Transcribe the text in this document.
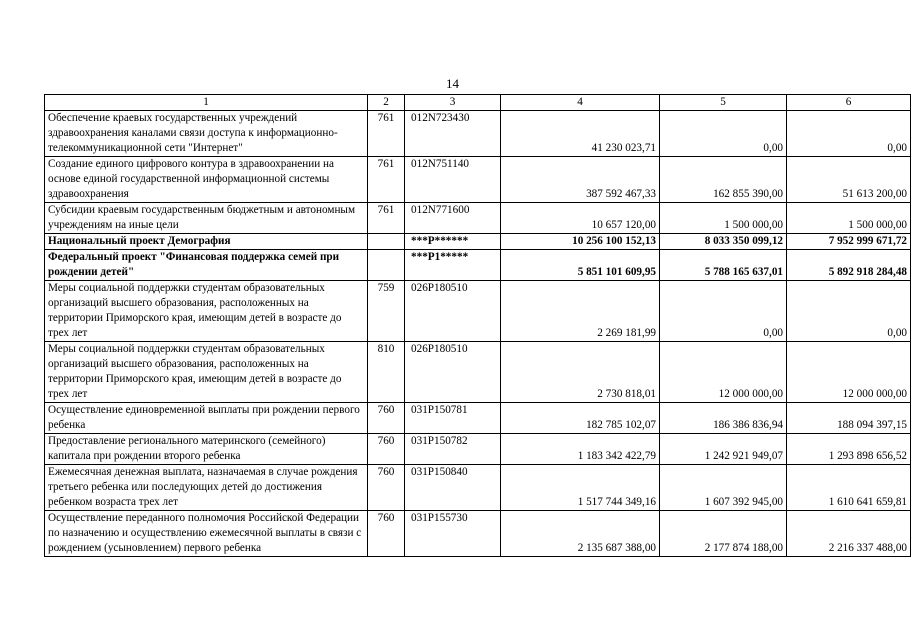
14
1	2	3	4	5	6
Обеспечение краевых государственных учреждений здравоохранения каналами связи доступа к информационно-телекоммуникационной сети "Интернет"	761	012N723430	41 230 023,71	0,00	0,00
Создание единого цифрового контура в здравоохранении на основе единой государственной информационной системы здравоохранения	761	012N751140	387 592 467,33	162 855 390,00	51 613 200,00
Субсидии краевым государственным бюджетным и автономным учреждениям на иные цели	761	012N771600	10 657 120,00	1 500 000,00	1 500 000,00
Национальный проект Демография		***P******	10 256 100 152,13	8 033 350 099,12	7 952 999 671,72
Федеральный проект "Финансовая поддержка семей при рождении детей"		***P1*****	5 851 101 609,95	5 788 165 637,01	5 892 918 284,48
Меры социальной поддержки студентам образовательных организаций высшего образования, расположенных на территории Приморского края, имеющим детей в возрасте до трех лет	759	026P180510	2 269 181,99	0,00	0,00
Меры социальной поддержки студентам образовательных организаций высшего образования, расположенных на территории Приморского края, имеющим детей в возрасте до трех лет	810	026P180510	2 730 818,01	12 000 000,00	12 000 000,00
Осуществление единовременной выплаты при рождении первого ребенка	760	031P150781	182 785 102,07	186 386 836,94	188 094 397,15
Предоставление регионального материнского (семейного) капитала при рождении второго ребенка	760	031P150782	1 183 342 422,79	1 242 921 949,07	1 293 898 656,52
Ежемесячная денежная выплата, назначаемая в случае рождения третьего ребенка или последующих детей до достижения ребенком возраста трех лет	760	031P150840	1 517 744 349,16	1 607 392 945,00	1 610 641 659,81
Осуществление переданного полномочия Российской Федерации по назначению и осуществлению ежемесячной выплаты в связи с рождением (усыновлением) первого ребенка	760	031P155730	2 135 687 388,00	2 177 874 188,00	2 216 337 488,00
